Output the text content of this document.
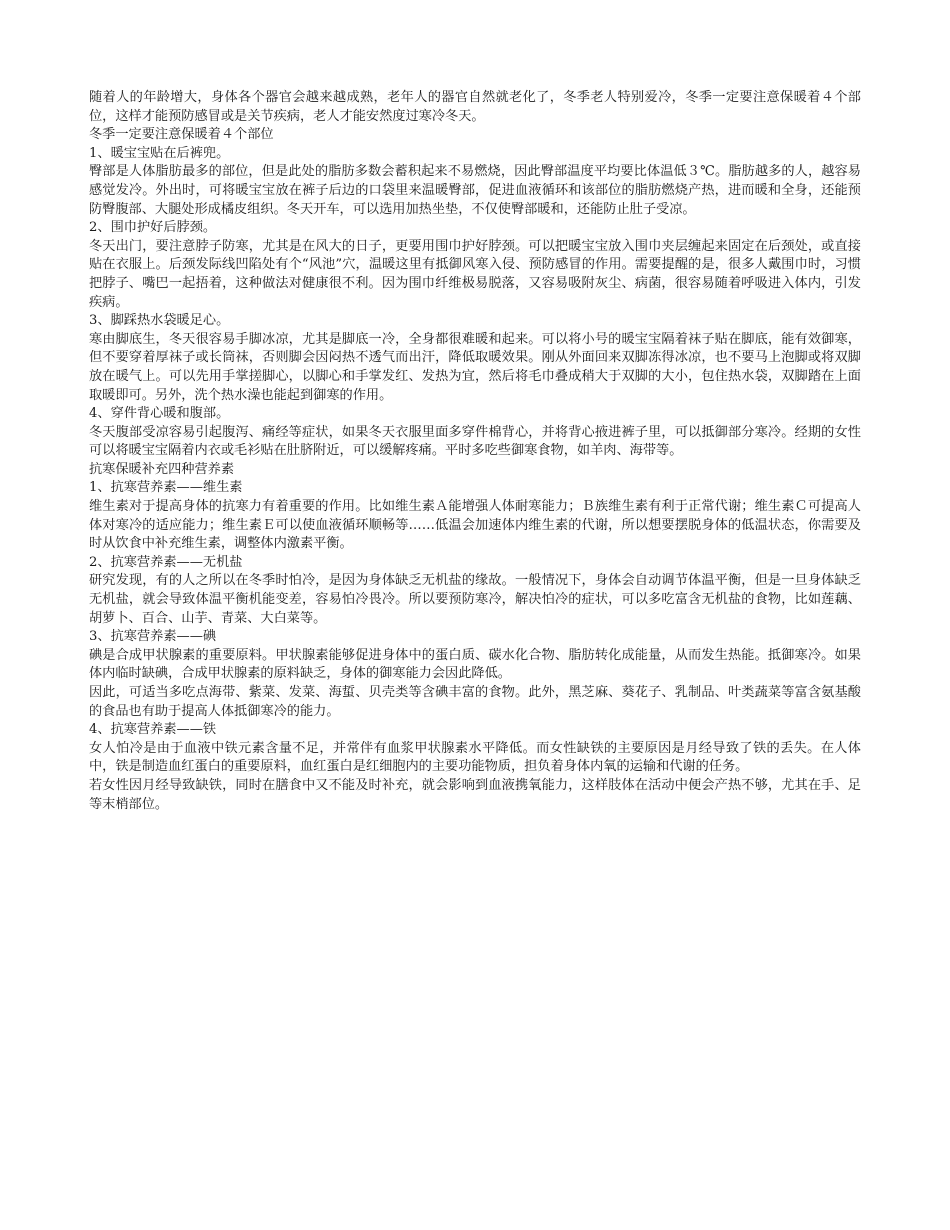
随着人的年龄增大，身体各个器官会越来越成熟，老年人的器官自然就老化了，冬季老人特别爱冷，冬季一定要注意保暖着４个部位，这样才能预防感冒或是关节疾病，老人才能安然度过寒冷冬天。

冬季一定要注意保暖着４个部位

1、暖宝宝贴在后裤兜。

臀部是人体脂肪最多的部位，但是此处的脂肪多数会蓄积起来不易燃烧，因此臀部温度平均要比体温低３℃。脂肪越多的人，越容易感觉发冷。外出时，可将暖宝宝放在裤子后边的口袋里来温暖臀部，促进血液循环和该部位的脂肪燃烧产热，进而暖和全身，还能预防臀腹部、大腿处形成橘皮组织。冬天开车，可以选用加热坐垫，不仅使臀部暖和，还能防止肚子受凉。

2、围巾护好后脖颈。

冬天出门，要注意脖子防寒，尤其是在风大的日子，更要用围巾护好脖颈。可以把暖宝宝放入围巾夹层缠起来固定在后颈处，或直接贴在衣服上。后颈发际线凹陷处有个“风池”穴，温暖这里有抵御风寒入侵、预防感冒的作用。需要提醒的是，很多人戴围巾时，习惯把脖子、嘴巴一起捂着，这种做法对健康很不利。因为围巾纤维极易脱落，又容易吸附灰尘、病菌，很容易随着呼吸进入体内，引发疾病。

3、脚踩热水袋暖足心。

寒由脚底生，冬天很容易手脚冰凉，尤其是脚底一冷，全身都很难暖和起来。可以将小号的暖宝宝隔着袜子贴在脚底，能有效御寒，但不要穿着厚袜子或长筒袜，否则脚会因闷热不透气而出汗，降低取暖效果。刚从外面回来双脚冻得冰凉，也不要马上泡脚或将双脚放在暖气上。可以先用手掌搓脚心，以脚心和手掌发红、发热为宜，然后将毛巾叠成稍大于双脚的大小，包住热水袋，双脚踏在上面取暖即可。另外，洗个热水澡也能起到御寒的作用。

4、穿件背心暖和腹部。

冬天腹部受凉容易引起腹泻、痛经等症状，如果冬天衣服里面多穿件棉背心，并将背心掖进裤子里，可以抵御部分寒冷。经期的女性可以将暖宝宝隔着内衣或毛衫贴在肚脐附近，可以缓解疼痛。平时多吃些御寒食物，如羊肉、海带等。

抗寒保暖补充四种营养素

1、抗寒营养素——维生素

维生素对于提高身体的抗寒力有着重要的作用。比如维生素Ａ能增强人体耐寒能力；Ｂ族维生素有利于正常代谢；维生素Ｃ可提高人体对寒冷的适应能力；维生素Ｅ可以使血液循环顺畅等……低温会加速体内维生素的代谢，所以想要摆脱身体的低温状态，你需要及时从饮食中补充维生素，调整体内激素平衡。

2、抗寒营养素——无机盐

研究发现，有的人之所以在冬季时怕冷，是因为身体缺乏无机盐的缘故。一般情况下，身体会自动调节体温平衡，但是一旦身体缺乏无机盐，就会导致体温平衡机能变差，容易怕冷畏冷。所以要预防寒冷，解决怕冷的症状，可以多吃富含无机盐的食物，比如莲藕、胡萝卜、百合、山芋、青菜、大白菜等。

3、抗寒营养素——碘

碘是合成甲状腺素的重要原料。甲状腺素能够促进身体中的蛋白质、碳水化合物、脂肪转化成能量，从而发生热能。抵御寒冷。如果体内临时缺碘，合成甲状腺素的原料缺乏，身体的御寒能力会因此降低。

因此，可适当多吃点海带、紫菜、发菜、海蜇、贝壳类等含碘丰富的食物。此外，黑芝麻、葵花子、乳制品、叶类蔬菜等富含氨基酸的食品也有助于提高人体抵御寒冷的能力。

4、抗寒营养素——铁

女人怕冷是由于血液中铁元素含量不足，并常伴有血浆甲状腺素水平降低。而女性缺铁的主要原因是月经导致了铁的丢失。在人体中，铁是制造血红蛋白的重要原料，血红蛋白是红细胞内的主要功能物质，担负着身体内氧的运输和代谢的任务。

若女性因月经导致缺铁，同时在膳食中又不能及时补充，就会影响到血液携氧能力，这样肢体在活动中便会产热不够，尤其在手、足等末梢部位。
